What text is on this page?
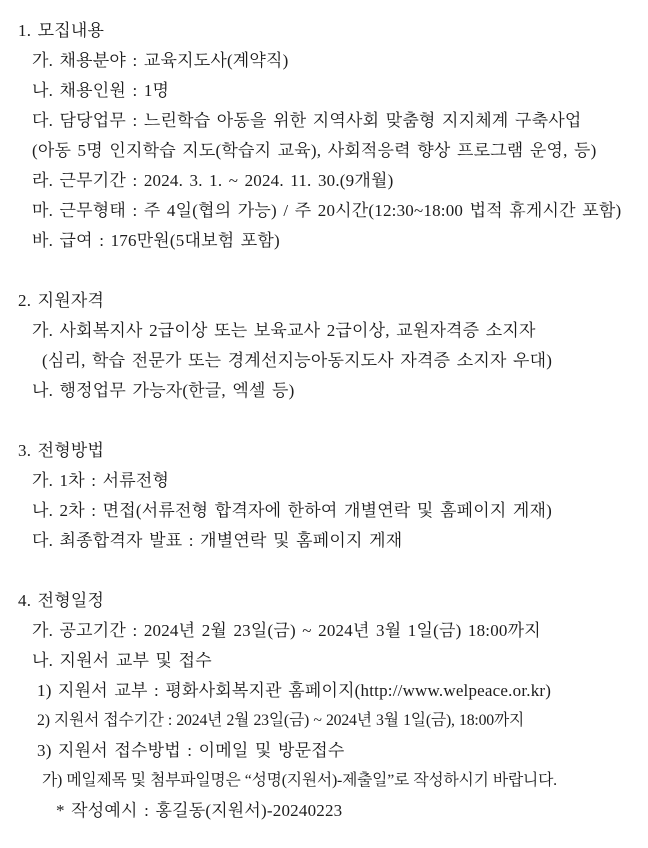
1. 모집내용
가. 채용분야 : 교육지도사(계약직)
나. 채용인원 : 1명
다. 담당업무 : 느린학습 아동을 위한 지역사회 맞춤형 지지체계 구축사업
(아동 5명 인지학습 지도(학습지 교육), 사회적응력 향상 프로그램 운영, 등)
라. 근무기간 : 2024. 3. 1. ~ 2024. 11. 30.(9개월)
마. 근무형태 : 주 4일(협의 가능) / 주 20시간(12:30~18:00 법적 휴게시간 포함)
바. 급여 : 176만원(5대보험 포함)
2. 지원자격
가. 사회복지사 2급이상 또는 보육교사 2급이상, 교원자격증 소지자
(심리, 학습 전문가 또는 경계선지능아동지도사 자격증 소지자 우대)
나. 행정업무 가능자(한글, 엑셀 등)
3. 전형방법
가. 1차 : 서류전형
나. 2차 : 면접(서류전형 합격자에 한하여 개별연락 및 홈페이지 게재)
다. 최종합격자 발표 : 개별연락 및 홈페이지 게재
4. 전형일정
가. 공고기간 : 2024년 2월 23일(금) ~ 2024년 3월 1일(금) 18:00까지
나. 지원서 교부 및 접수
1) 지원서 교부 : 평화사회복지관 홈페이지(http://www.welpeace.or.kr)
2) 지원서 접수기간 : 2024년 2월 23일(금) ~ 2024년 3월 1일(금), 18:00까지
3) 지원서 접수방법 : 이메일 및 방문접수
가) 메일제목 및 첨부파일명은 “성명(지원서)-제출일”로 작성하시기 바랍니다.
* 작성예시 : 홍길동(지원서)-20240223
